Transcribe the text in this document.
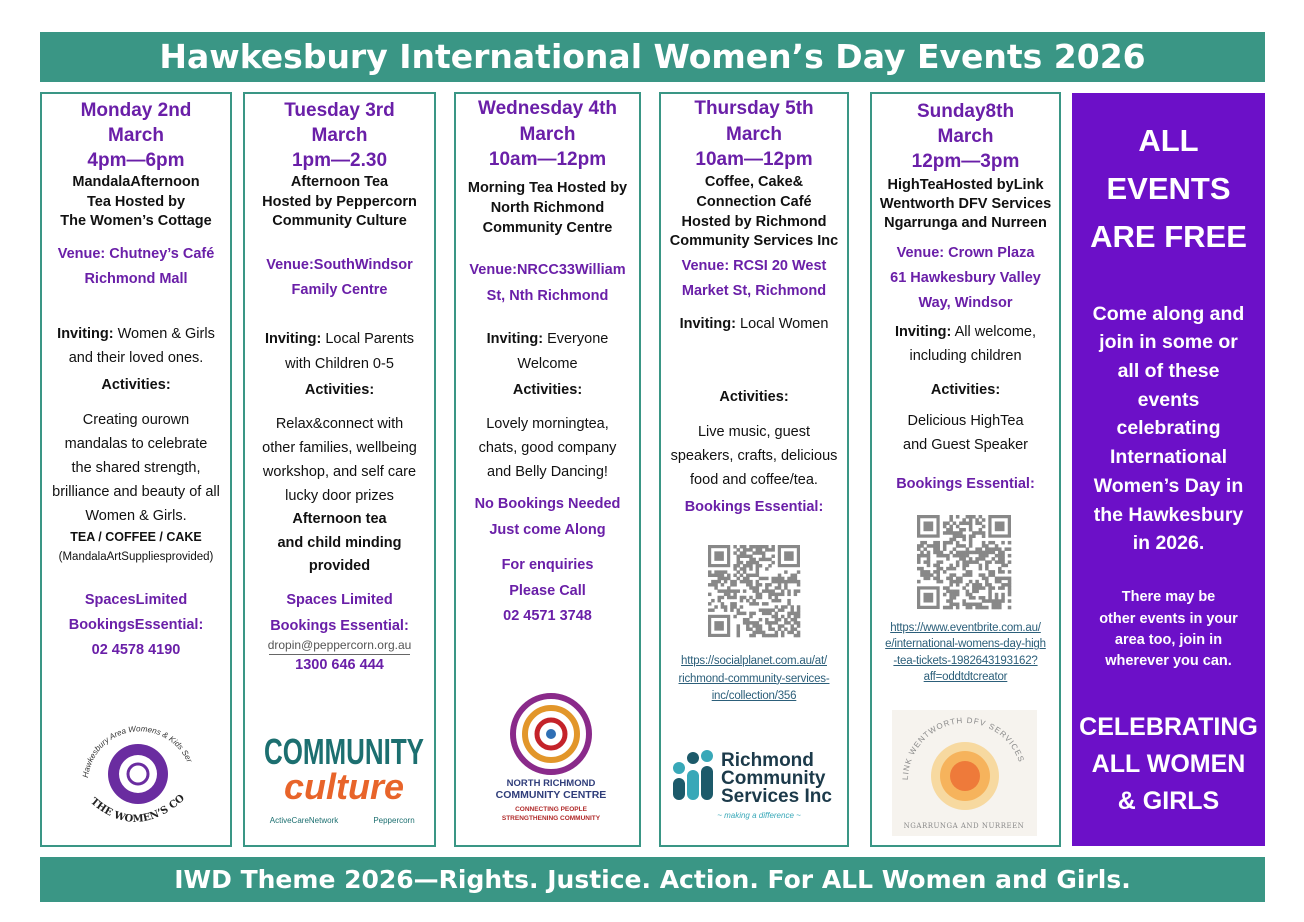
Hawkesbury International Women’s Day Events 2026
Monday 2nd
March
4pm—6pm
MandalaAfternoon
Tea Hosted by
The Women’s Cottage
Venue: Chutney’s Café
Richmond Mall
Inviting: Women & Girls
and their loved ones.
Activities:
Creating ourown
mandalas to celebrate
the shared strength,
brilliance and beauty of all
Women & Girls.
TEA / COFFEE / CAKE
(MandalaArtSuppliesprovided)
SpacesLimited
BookingsEssential:
02 4578 4190
Hawkesbury Area Womens & Kids Ser
THE WOMEN’S CO
Tuesday 3rd
March
1pm—2.30
Afternoon Tea
Hosted by Peppercorn
Community Culture
Venue:SouthWindsor
Family Centre
Inviting: Local Parents
with Children 0-5
Activities:
Relax&connect with
other families, wellbeing
workshop, and self care
lucky door prizes
Afternoon tea
and child minding
provided
Spaces Limited
Bookings Essential:
dropin@peppercorn.org.au
1300 646 444
COMMUNITY
culture
ActiveCareNetwork	Peppercorn
Wednesday 4th
March
10am—12pm
Morning Tea Hosted by
North Richmond
Community Centre
Venue:NRCC33William
St, Nth Richmond
Inviting: Everyone
Welcome
Activities:
Lovely morningtea,
chats, good company
and Belly Dancing!
No Bookings Needed
Just come Along
For enquiries
Please Call
02 4571 3748
NORTH RICHMOND
COMMUNITY CENTRE
CONNECTING PEOPLE
STRENGTHENING COMMUNITY
Thursday 5th
March
10am—12pm
Coffee, Cake&
Connection Café
Hosted by Richmond
Community Services Inc
Venue: RCSI 20 West
Market St, Richmond
Inviting: Local Women
Activities:
Live music, guest
speakers, crafts, delicious
food and coffee/tea.
Bookings Essential:
https://socialplanet.com.au/at/
richmond-community-services-
inc/collection/356
Richmond
Community
Services Inc
~ making a difference ~
Sunday8th
March
12pm—3pm
HighTeaHosted byLink
Wentworth DFV Services
Ngarrunga and Nurreen
Venue: Crown Plaza
61 Hawkesbury Valley
Way, Windsor
Inviting: All welcome,
including children
Activities:
Delicious HighTea
and Guest Speaker
Bookings Essential:
https://www.eventbrite.com.au/
e/international-womens-day-high
-tea-tickets-1982643193162?
aff=oddtdtcreator
LINK WENTWORTH DFV SERVICES
NGARRUNGA AND NURREEN
ALL
EVENTS
ARE FREE
Come along and
join in some or
all of these
events
celebrating
International
Women’s Day in
the Hawkesbury
in 2026.
There may be
other events in your
area too, join in
wherever you can.
CELEBRATING
ALL WOMEN
& GIRLS
IWD Theme 2026—Rights. Justice. Action. For ALL Women and Girls.
